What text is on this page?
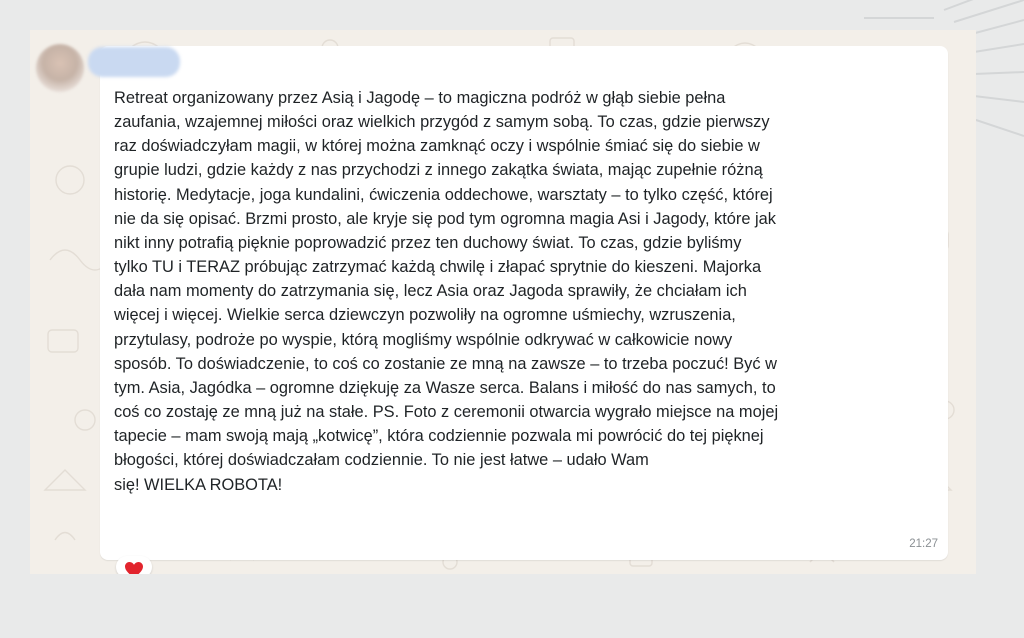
Retreat organizowany przez Asią i Jagodę – to magiczna podróż w głąb siebie pełna
zaufania, wzajemnej miłości oraz wielkich przygód z samym sobą. To czas, gdzie pierwszy
raz doświadczyłam magii, w której można zamknąć oczy i wspólnie śmiać się do siebie w
grupie ludzi, gdzie każdy z nas przychodzi z innego zakątka świata, mając zupełnie różną
historię. Medytacje, joga kundalini, ćwiczenia oddechowe, warsztaty – to tylko część, której
nie da się opisać. Brzmi prosto, ale kryje się pod tym ogromna magia Asi i Jagody, które jak
nikt inny potrafią pięknie poprowadzić przez ten duchowy świat. To czas, gdzie byliśmy
tylko TU i TERAZ próbując zatrzymać każdą chwilę i złapać sprytnie do kieszeni. Majorka
dała nam momenty do zatrzymania się, lecz Asia oraz Jagoda sprawiły, że chciałam ich
więcej i więcej. Wielkie serca dziewczyn pozwoliły na ogromne uśmiechy, wzruszenia,
przytulasy, podroże po wyspie, którą mogliśmy wspólnie odkrywać w całkowicie nowy
sposób. To doświadczenie, to coś co zostanie ze mną na zawsze – to trzeba poczuć! Być w
tym. Asia, Jagódka – ogromne dziękuję za Wasze serca. Balans i miłość do nas samych, to
coś co zostaję ze mną już na stałe. PS. Foto z ceremonii otwarcia wygrało miejsce na mojej
tapecie – mam swoją mają „kotwicę”, która codziennie pozwala mi powrócić do tej pięknej
błogości, której doświadczałam codziennie. To nie jest łatwe – udało Wam
się! WIELKA ROBOTA!

21:27
